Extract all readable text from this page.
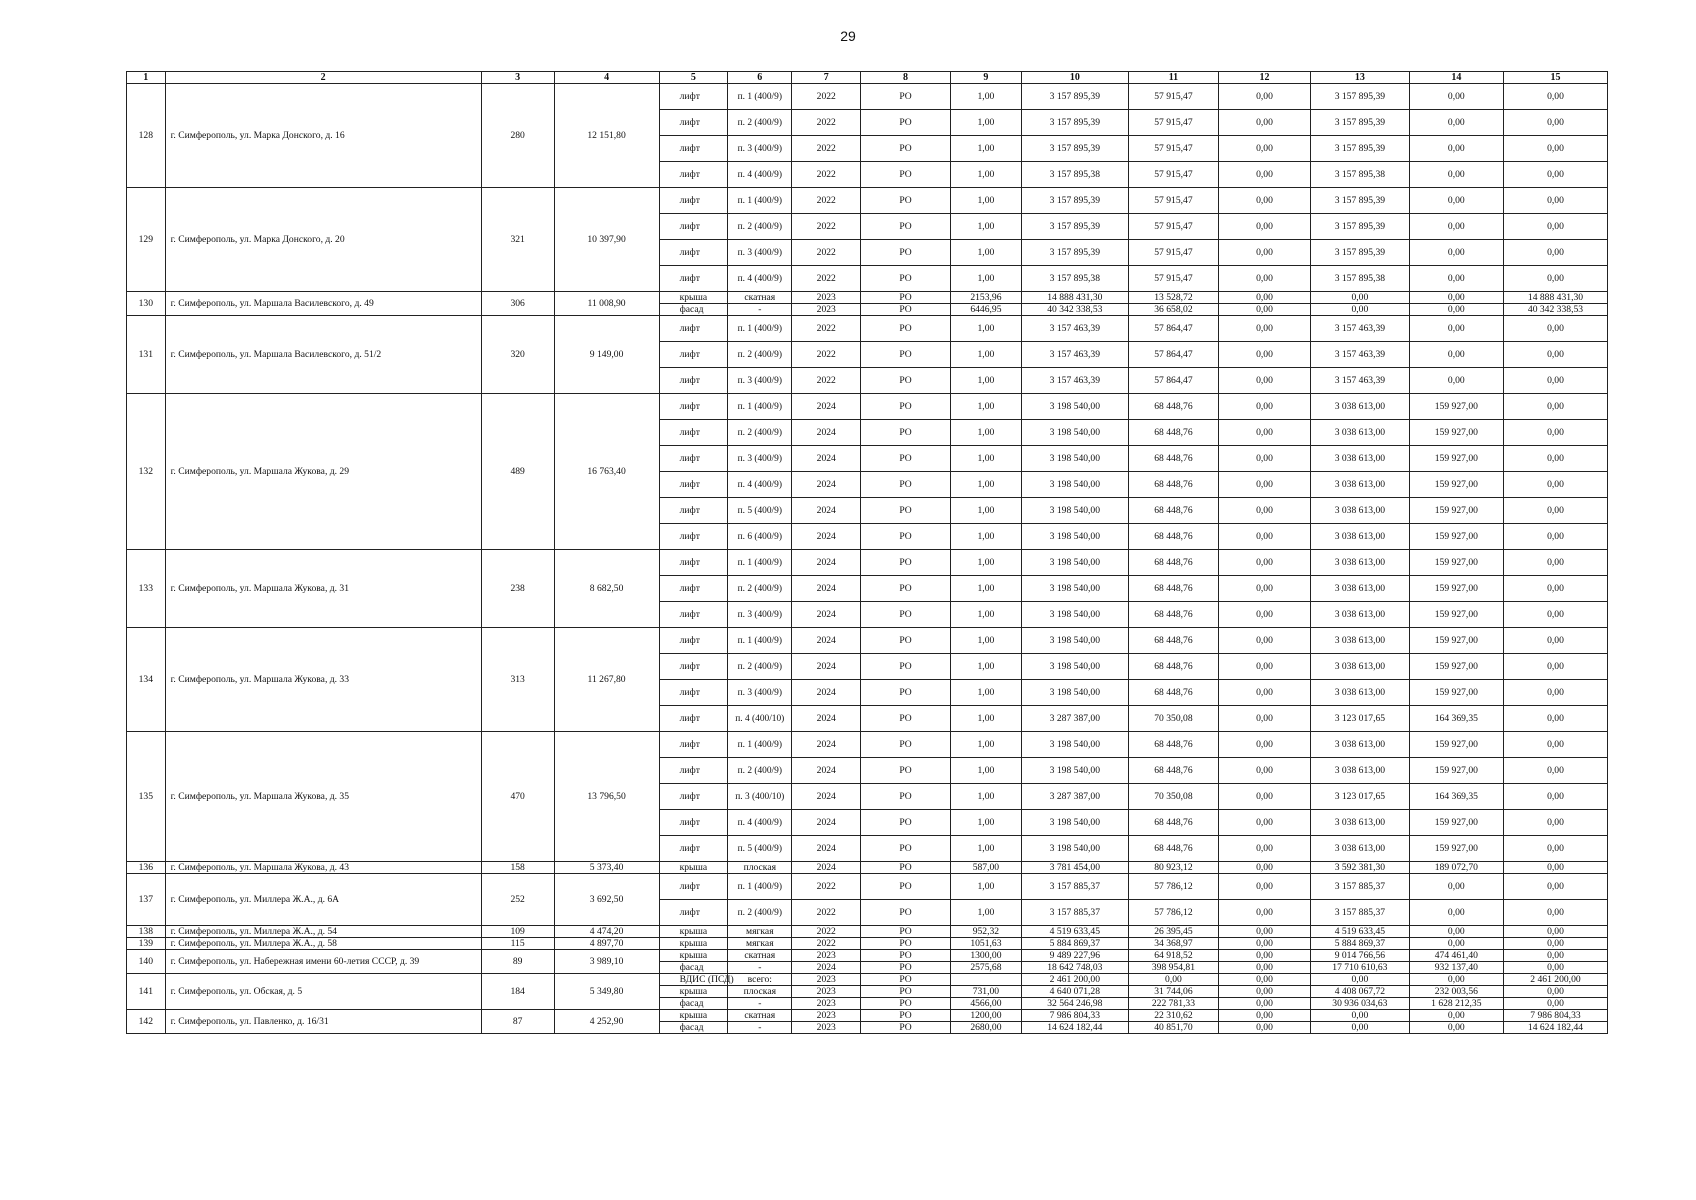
29
1	2	3	4	5	6	7	8	9	10	11	12	13	14	15
128	г. Симферополь, ул. Марка Донского, д. 16	280	12 151,80	лифт	п. 1 (400/9)	2022	РО	1,00	3 157 895,39	57 915,47	0,00	3 157 895,39	0,00	0,00
				лифт	п. 2 (400/9)	2022	РО	1,00	3 157 895,39	57 915,47	0,00	3 157 895,39	0,00	0,00
				лифт	п. 3 (400/9)	2022	РО	1,00	3 157 895,39	57 915,47	0,00	3 157 895,39	0,00	0,00
				лифт	п. 4 (400/9)	2022	РО	1,00	3 157 895,38	57 915,47	0,00	3 157 895,38	0,00	0,00
129	г. Симферополь, ул. Марка Донского, д. 20	321	10 397,90	лифт	п. 1 (400/9)	2022	РО	1,00	3 157 895,39	57 915,47	0,00	3 157 895,39	0,00	0,00
				лифт	п. 2 (400/9)	2022	РО	1,00	3 157 895,39	57 915,47	0,00	3 157 895,39	0,00	0,00
				лифт	п. 3 (400/9)	2022	РО	1,00	3 157 895,39	57 915,47	0,00	3 157 895,39	0,00	0,00
				лифт	п. 4 (400/9)	2022	РО	1,00	3 157 895,38	57 915,47	0,00	3 157 895,38	0,00	0,00
130	г. Симферополь, ул. Маршала Василевского, д. 49	306	11 008,90	крыша	скатная	2023	РО	2153,96	14 888 431,30	13 528,72	0,00	0,00	0,00	14 888 431,30
				фасад	-	2023	РО	6446,95	40 342 338,53	36 658,02	0,00	0,00	0,00	40 342 338,53
131	г. Симферополь, ул. Маршала Василевского, д. 51/2	320	9 149,00	лифт	п. 1 (400/9)	2022	РО	1,00	3 157 463,39	57 864,47	0,00	3 157 463,39	0,00	0,00
				лифт	п. 2 (400/9)	2022	РО	1,00	3 157 463,39	57 864,47	0,00	3 157 463,39	0,00	0,00
				лифт	п. 3 (400/9)	2022	РО	1,00	3 157 463,39	57 864,47	0,00	3 157 463,39	0,00	0,00
132	г. Симферополь, ул. Маршала Жукова, д. 29	489	16 763,40	лифт	п. 1 (400/9)	2024	РО	1,00	3 198 540,00	68 448,76	0,00	3 038 613,00	159 927,00	0,00
				лифт	п. 2 (400/9)	2024	РО	1,00	3 198 540,00	68 448,76	0,00	3 038 613,00	159 927,00	0,00
				лифт	п. 3 (400/9)	2024	РО	1,00	3 198 540,00	68 448,76	0,00	3 038 613,00	159 927,00	0,00
				лифт	п. 4 (400/9)	2024	РО	1,00	3 198 540,00	68 448,76	0,00	3 038 613,00	159 927,00	0,00
				лифт	п. 5 (400/9)	2024	РО	1,00	3 198 540,00	68 448,76	0,00	3 038 613,00	159 927,00	0,00
				лифт	п. 6 (400/9)	2024	РО	1,00	3 198 540,00	68 448,76	0,00	3 038 613,00	159 927,00	0,00
133	г. Симферополь, ул. Маршала Жукова, д. 31	238	8 682,50	лифт	п. 1 (400/9)	2024	РО	1,00	3 198 540,00	68 448,76	0,00	3 038 613,00	159 927,00	0,00
				лифт	п. 2 (400/9)	2024	РО	1,00	3 198 540,00	68 448,76	0,00	3 038 613,00	159 927,00	0,00
				лифт	п. 3 (400/9)	2024	РО	1,00	3 198 540,00	68 448,76	0,00	3 038 613,00	159 927,00	0,00
134	г. Симферополь, ул. Маршала Жукова, д. 33	313	11 267,80	лифт	п. 1 (400/9)	2024	РО	1,00	3 198 540,00	68 448,76	0,00	3 038 613,00	159 927,00	0,00
				лифт	п. 2 (400/9)	2024	РО	1,00	3 198 540,00	68 448,76	0,00	3 038 613,00	159 927,00	0,00
				лифт	п. 3 (400/9)	2024	РО	1,00	3 198 540,00	68 448,76	0,00	3 038 613,00	159 927,00	0,00
				лифт	п. 4 (400/10)	2024	РО	1,00	3 287 387,00	70 350,08	0,00	3 123 017,65	164 369,35	0,00
135	г. Симферополь, ул. Маршала Жукова, д. 35	470	13 796,50	лифт	п. 1 (400/9)	2024	РО	1,00	3 198 540,00	68 448,76	0,00	3 038 613,00	159 927,00	0,00
				лифт	п. 2 (400/9)	2024	РО	1,00	3 198 540,00	68 448,76	0,00	3 038 613,00	159 927,00	0,00
				лифт	п. 3 (400/10)	2024	РО	1,00	3 287 387,00	70 350,08	0,00	3 123 017,65	164 369,35	0,00
				лифт	п. 4 (400/9)	2024	РО	1,00	3 198 540,00	68 448,76	0,00	3 038 613,00	159 927,00	0,00
				лифт	п. 5 (400/9)	2024	РО	1,00	3 198 540,00	68 448,76	0,00	3 038 613,00	159 927,00	0,00
136	г. Симферополь, ул. Маршала Жукова, д. 43	158	5 373,40	крыша	плоская	2024	РО	587,00	3 781 454,00	80 923,12	0,00	3 592 381,30	189 072,70	0,00
137	г. Симферополь, ул. Миллера Ж.А., д. 6А	252	3 692,50	лифт	п. 1 (400/9)	2022	РО	1,00	3 157 885,37	57 786,12	0,00	3 157 885,37	0,00	0,00
				лифт	п. 2 (400/9)	2022	РО	1,00	3 157 885,37	57 786,12	0,00	3 157 885,37	0,00	0,00
138	г. Симферополь, ул. Миллера Ж.А., д. 54	109	4 474,20	крыша	мягкая	2022	РО	952,32	4 519 633,45	26 395,45	0,00	4 519 633,45	0,00	0,00
139	г. Симферополь, ул. Миллера Ж.А., д. 58	115	4 897,70	крыша	мягкая	2022	РО	1051,63	5 884 869,37	34 368,97	0,00	5 884 869,37	0,00	0,00
140	г. Симферополь, ул. Набережная имени 60-летия СССР, д. 39	89	3 989,10	крыша	скатная	2023	РО	1300,00	9 489 227,96	64 918,52	0,00	9 014 766,56	474 461,40	0,00
				фасад	-	2024	РО	2575,68	18 642 748,03	398 954,81	0,00	17 710 610,63	932 137,40	0,00
141	г. Симферополь, ул. Обская, д. 5	184	5 349,80	ВДИС (ПСД)	всего:	2023	РО		2 461 200,00	0,00	0,00	0,00	0,00	2 461 200,00
				крыша	плоская	2023	РО	731,00	4 640 071,28	31 744,06	0,00	4 408 067,72	232 003,56	0,00
				фасад	-	2023	РО	4566,00	32 564 246,98	222 781,33	0,00	30 936 034,63	1 628 212,35	0,00
142	г. Симферополь, ул. Павленко, д. 16/31	87	4 252,90	крыша	скатная	2023	РО	1200,00	7 986 804,33	22 310,62	0,00	0,00	0,00	7 986 804,33
				фасад	-	2023	РО	2680,00	14 624 182,44	40 851,70	0,00	0,00	0,00	14 624 182,44
